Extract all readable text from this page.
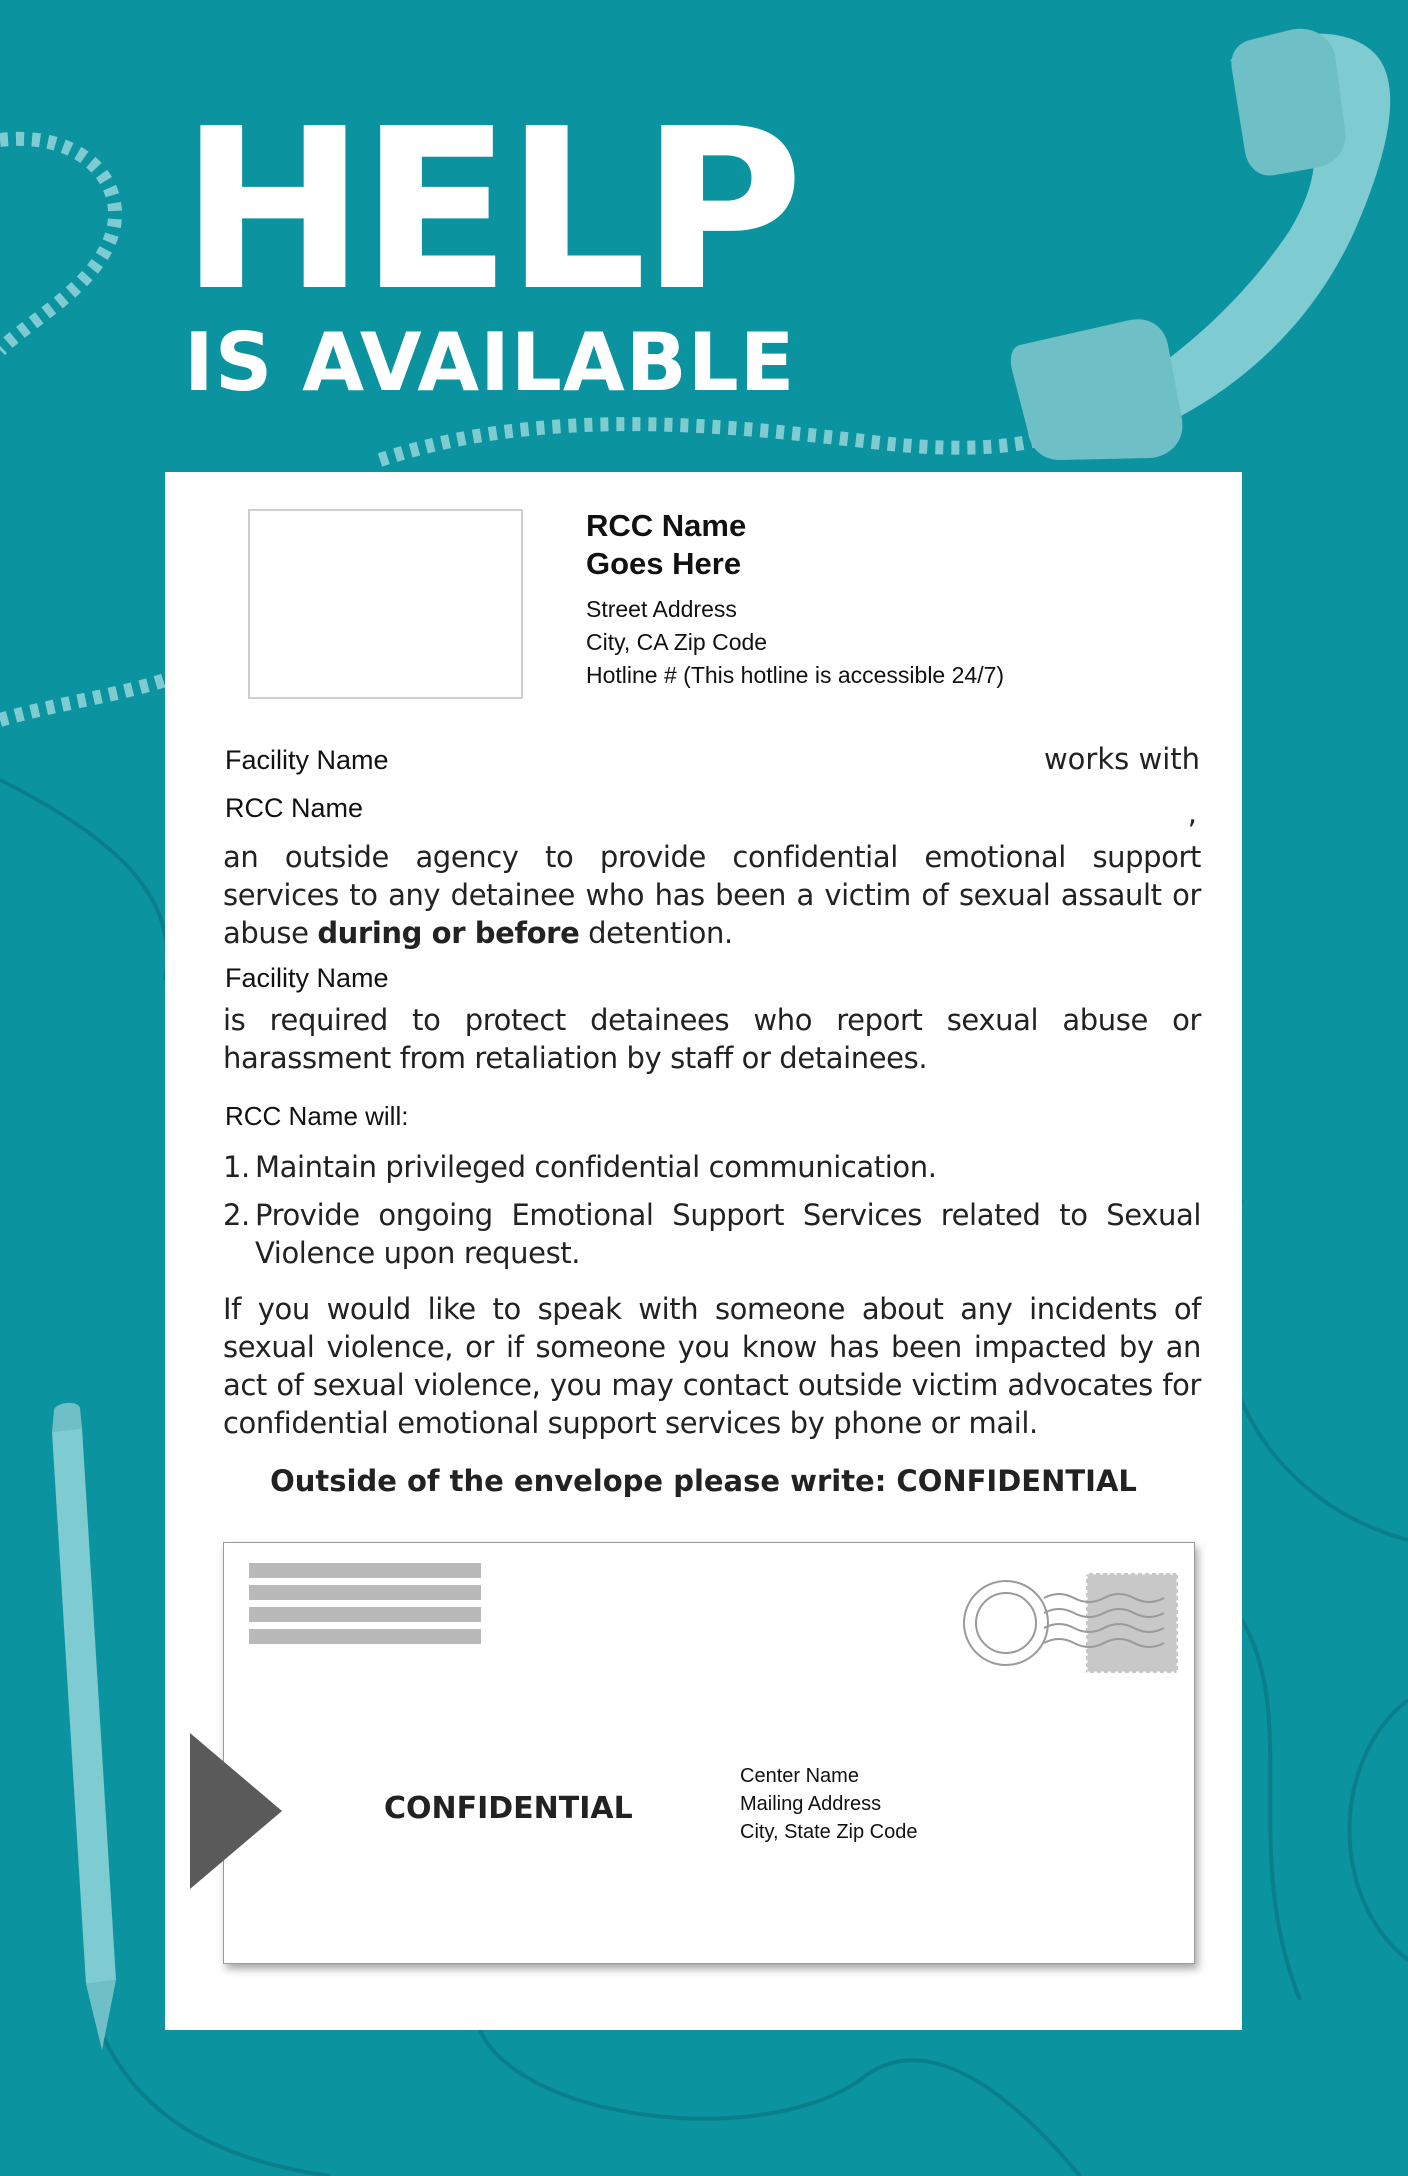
HELP
IS AVAILABLE
RCC Name
Goes Here

Street Address

City, CA Zip Code

Hotline # (This hotline is accessible 24/7)

Facility Name	works with

RCC Name	,

an outside agency to provide confidential emotional support services to any detainee who has been a victim of sexual assault or abuse during or before detention.

Facility Name

is required to protect detainees who report sexual abuse or harassment from retaliation by staff or detainees.

RCC Name will:

1. Maintain privileged confidential communication.
2. Provide ongoing Emotional Support Services related to Sexual Violence upon request.

If you would like to speak with someone about any incidents of sexual violence, or if someone you know has been impacted by an act of sexual violence, you may contact outside victim advocates for confidential emotional support services by phone or mail.

Outside of the envelope please write: CONFIDENTIAL

CONFIDENTIAL

Center Name

Mailing Address

City, State Zip Code
